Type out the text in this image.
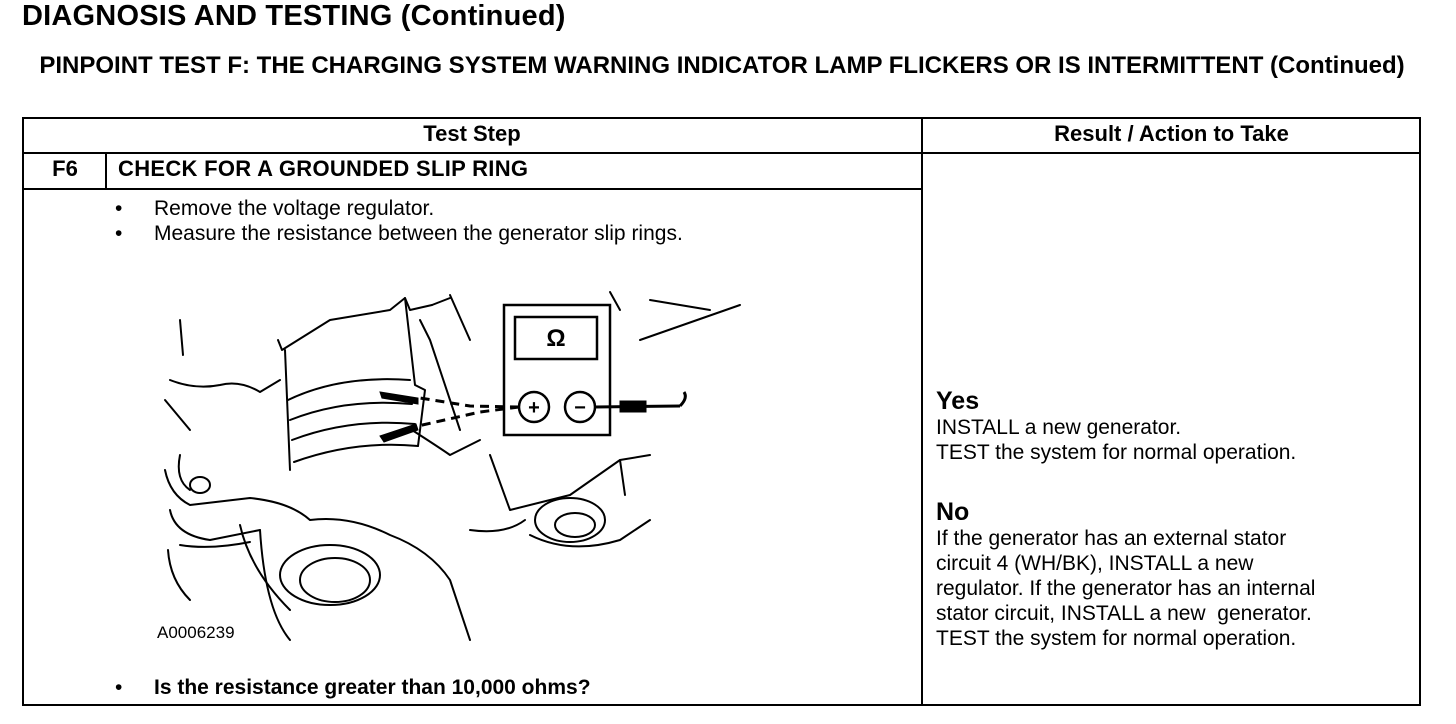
DIAGNOSIS AND TESTING (Continued)
PINPOINT TEST F: THE CHARGING SYSTEM WARNING INDICATOR LAMP FLICKERS OR IS INTERMITTENT (Continued)
Test Step	Result / Action to Take
F6	CHECK FOR A GROUNDED SLIP RING
• Remove the voltage regulator.
• Measure the resistance between the generator slip rings.
Ω
+ −
A0006239
• Is the resistance greater than 10,000 ohms?
Yes
INSTALL a new generator.
TEST the system for normal operation.
No
If the generator has an external stator
circuit 4 (WH/BK), INSTALL a new
regulator. If the generator has an internal
stator circuit, INSTALL a new  generator.
TEST the system for normal operation.
